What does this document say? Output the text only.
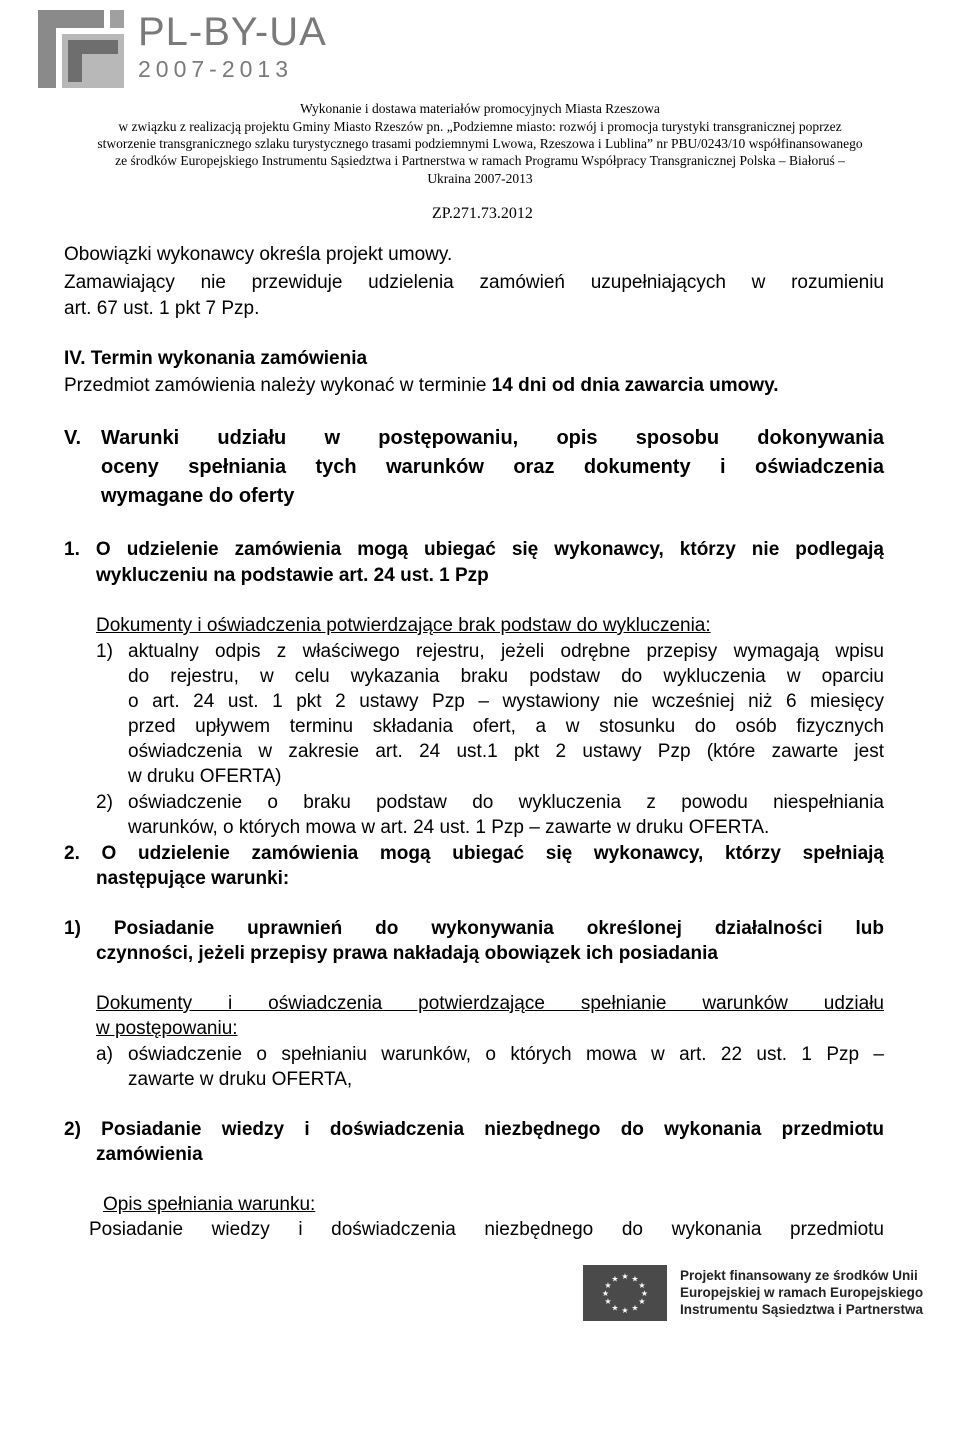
PL-BY-UA
2007-2013
Wykonanie i dostawa materiałów promocyjnych Miasta Rzeszowa
w związku z realizacją projektu Gminy Miasto Rzeszów pn. „Podziemne miasto: rozwój i promocja turystyki transgranicznej poprzez
stworzenie transgranicznego szlaku turystycznego trasami podziemnymi Lwowa, Rzeszowa i Lublina” nr PBU/0243/10 współfinansowanego
ze środków Europejskiego Instrumentu Sąsiedztwa i Partnerstwa w ramach Programu Współpracy Transgranicznej Polska – Białoruś –
Ukraina 2007-2013
ZP.271.73.2012
Obowiązki wykonawcy określa projekt umowy.
Zamawiający nie przewiduje udzielenia zamówień uzupełniających w rozumieniu
art. 67 ust. 1 pkt 7 Pzp.
IV. Termin wykonania zamówienia
Przedmiot zamówienia należy wykonać w terminie 14 dni od dnia zawarcia umowy.
V. Warunki udziału w postępowaniu, opis sposobu dokonywania
oceny spełniania tych warunków oraz dokumenty i oświadczenia
wymagane do oferty
1. O udzielenie zamówienia mogą ubiegać się wykonawcy, którzy nie podlegają
wykluczeniu na podstawie art. 24 ust. 1 Pzp
Dokumenty i oświadczenia potwierdzające brak podstaw do wykluczenia:
1) aktualny odpis z właściwego rejestru, jeżeli odrębne przepisy wymagają wpisu
do rejestru, w celu wykazania braku podstaw do wykluczenia w oparciu
o art. 24 ust. 1 pkt 2 ustawy Pzp – wystawiony nie wcześniej niż 6 miesięcy
przed upływem terminu składania ofert, a w stosunku do osób fizycznych
oświadczenia w zakresie art. 24 ust.1 pkt 2 ustawy Pzp (które zawarte jest
w druku OFERTA)
2) oświadczenie o braku podstaw do wykluczenia z powodu niespełniania
warunków, o których mowa w art. 24 ust. 1 Pzp – zawarte w druku OFERTA.
2. O udzielenie zamówienia mogą ubiegać się wykonawcy, którzy spełniają
następujące warunki:
1) Posiadanie uprawnień do wykonywania określonej działalności lub
czynności, jeżeli przepisy prawa nakładają obowiązek ich posiadania
Dokumenty i oświadczenia potwierdzające spełnianie warunków udziału
w postępowaniu:
a) oświadczenie o spełnianiu warunków, o których mowa w art. 22 ust. 1 Pzp –
zawarte w druku OFERTA,
2) Posiadanie wiedzy i doświadczenia niezbędnego do wykonania przedmiotu
zamówienia
Opis spełniania warunku:
Posiadanie wiedzy i doświadczenia niezbędnego do wykonania przedmiotu
★ ★
★
★
★
★
★
★
★
★
★
★	Projekt finansowany ze środków Unii
Europejskiej w ramach Europejskiego
Instrumentu Sąsiedztwa i Partnerstwa
